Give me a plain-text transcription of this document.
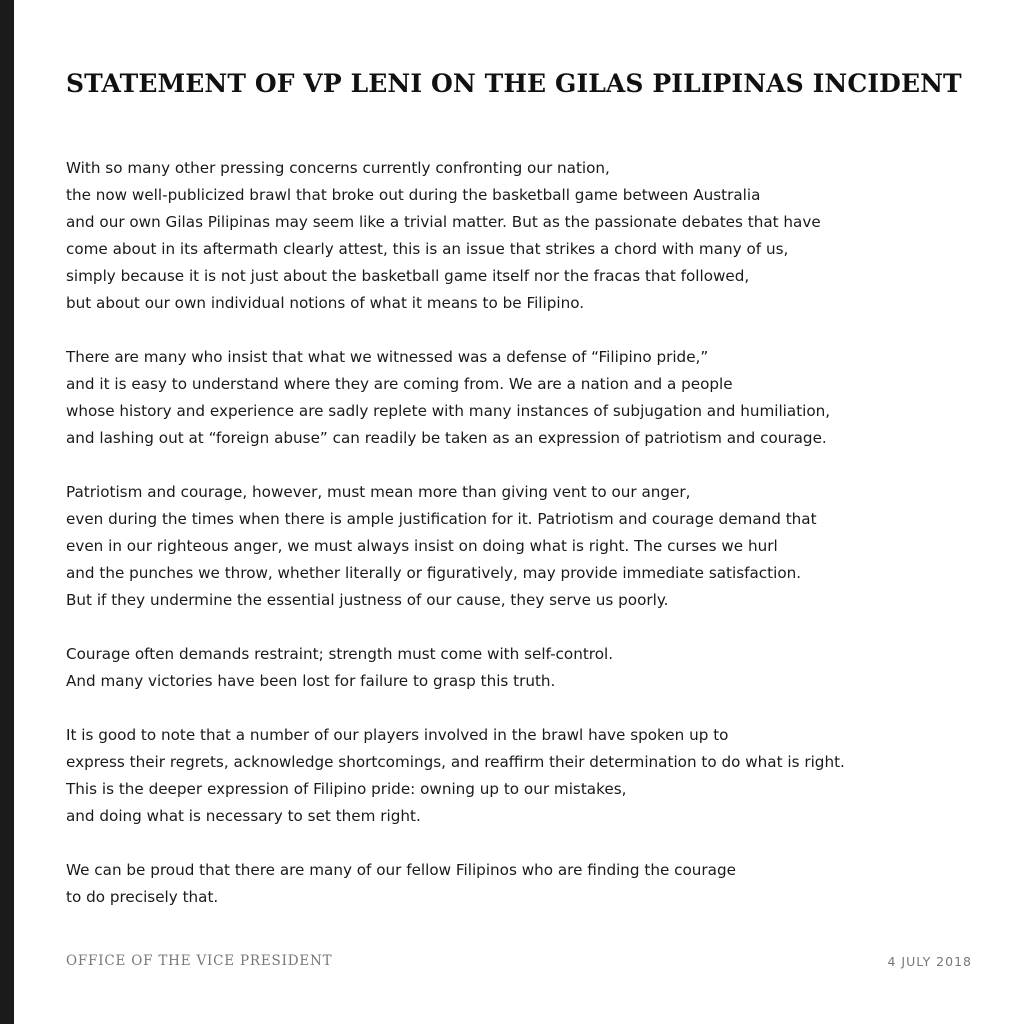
STATEMENT OF VP LENI ON THE GILAS PILIPINAS INCIDENT
With so many other pressing concerns currently confronting our nation,
the now well-publicized brawl that broke out during the basketball game between Australia
and our own Gilas Pilipinas may seem like a trivial matter. But as the passionate debates that have
come about in its aftermath clearly attest, this is an issue that strikes a chord with many of us,
simply because it is not just about the basketball game itself nor the fracas that followed,
but about our own individual notions of what it means to be Filipino.
There are many who insist that what we witnessed was a defense of “Filipino pride,”
and it is easy to understand where they are coming from. We are a nation and a people
whose history and experience are sadly replete with many instances of subjugation and humiliation,
and lashing out at “foreign abuse” can readily be taken as an expression of patriotism and courage.
Patriotism and courage, however, must mean more than giving vent to our anger,
even during the times when there is ample justification for it. Patriotism and courage demand that
even in our righteous anger, we must always insist on doing what is right. The curses we hurl
and the punches we throw, whether literally or figuratively, may provide immediate satisfaction.
But if they undermine the essential justness of our cause, they serve us poorly.
Courage often demands restraint; strength must come with self-control.
And many victories have been lost for failure to grasp this truth.
It is good to note that a number of our players involved in the brawl have spoken up to
express their regrets, acknowledge shortcomings, and reaffirm their determination to do what is right.
This is the deeper expression of Filipino pride: owning up to our mistakes,
and doing what is necessary to set them right.
We can be proud that there are many of our fellow Filipinos who are finding the courage
to do precisely that.
OFFICE OF THE VICE PRESIDENT	4 JULY 2018
